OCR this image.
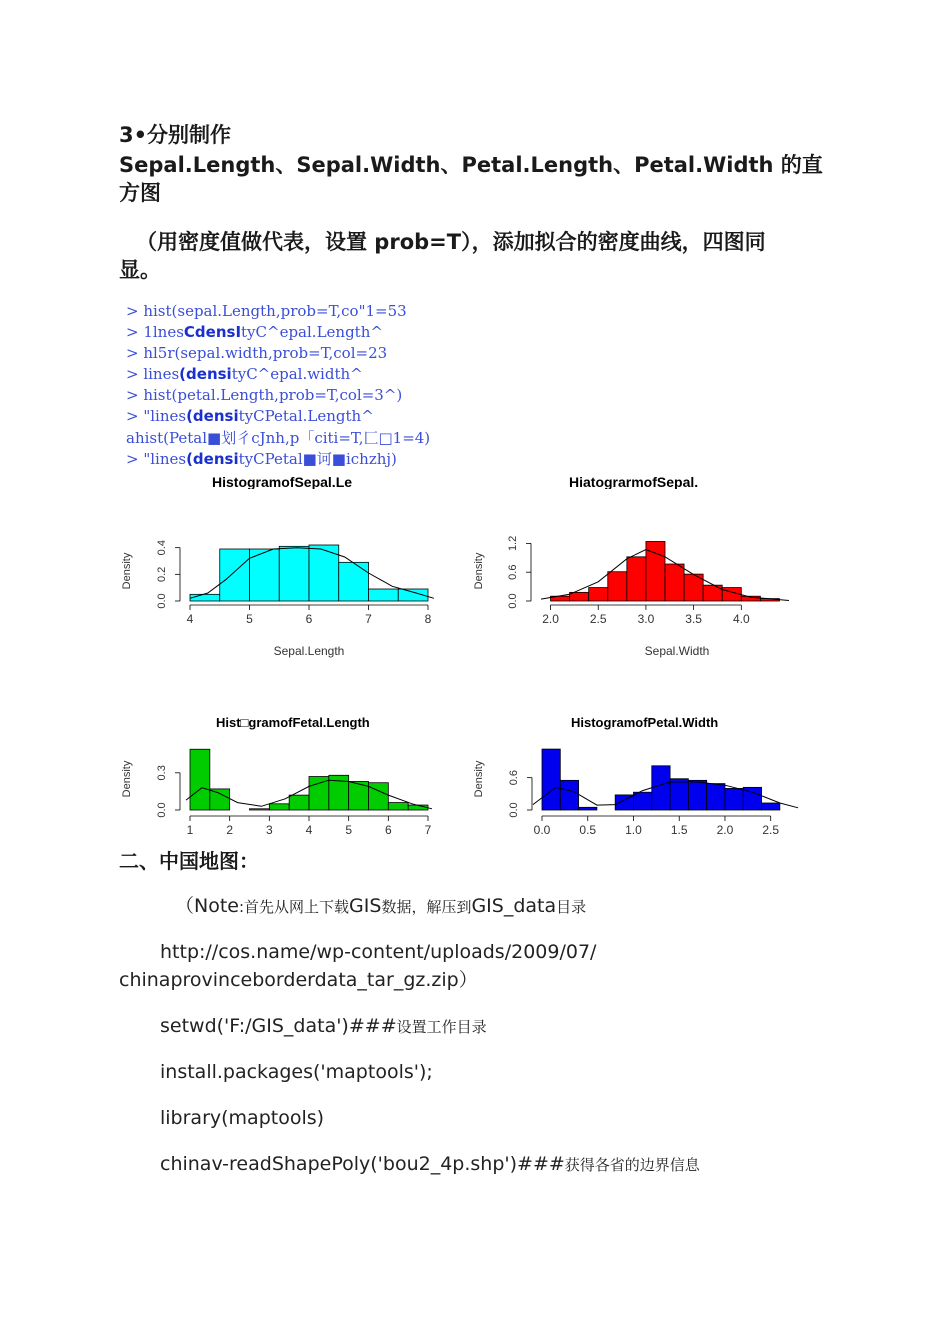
3•分别制作
Sepal.Length、Sepal.Width、Petal.Length、Petal.Width 的直
方图
（用密度值做代表，设置 prob=T），添加拟合的密度曲线，四图同
显。
> hist(sepal.Length,prob=T,co"1=53
> 1lnesCdensItyC^epal.Length^
> hl5r(sepal.width,prob=T,col=23
> lines(densityC^epal.width^
> hist(petal.Length,prob=T,col=3^)
> "lines(densityCPetal.Length^
ahist(Petal■划彳cJnh,p「citi=T,匚□1=4)
> "lines(densityCPetal■诃■ichzhj)
HistogramofSepal.Le	HiatograrmofSepal.
Hist□gramofFetal.Length	HistogramofPetal.Width
4	5	6	7	8
0.0
0.2
0.4
Density
Sepal.Length
2.0	2.5	3.0	3.5	4.0
0.0
0.6
1.2
Density
Sepal.Width
1	2	3	4	5	6	7
0.0
0.3
Density
0.0 0.5 1.0 1.5 2.0 2.5
0.0
0.6
Density
二、中国地图：
（Note:首先从网上下载GIS数据，解压到GIS_data目录
http://cos.name/wp-content/uploads/2009/07/
chinaprovinceborderdata_tar_gz.zip）
setwd('F:/GIS_data')###设置工作目录
install.packages('maptools');
library(maptools)
chinav-readShapePoly('bou2_4p.shp')###获得各省的边界信息
